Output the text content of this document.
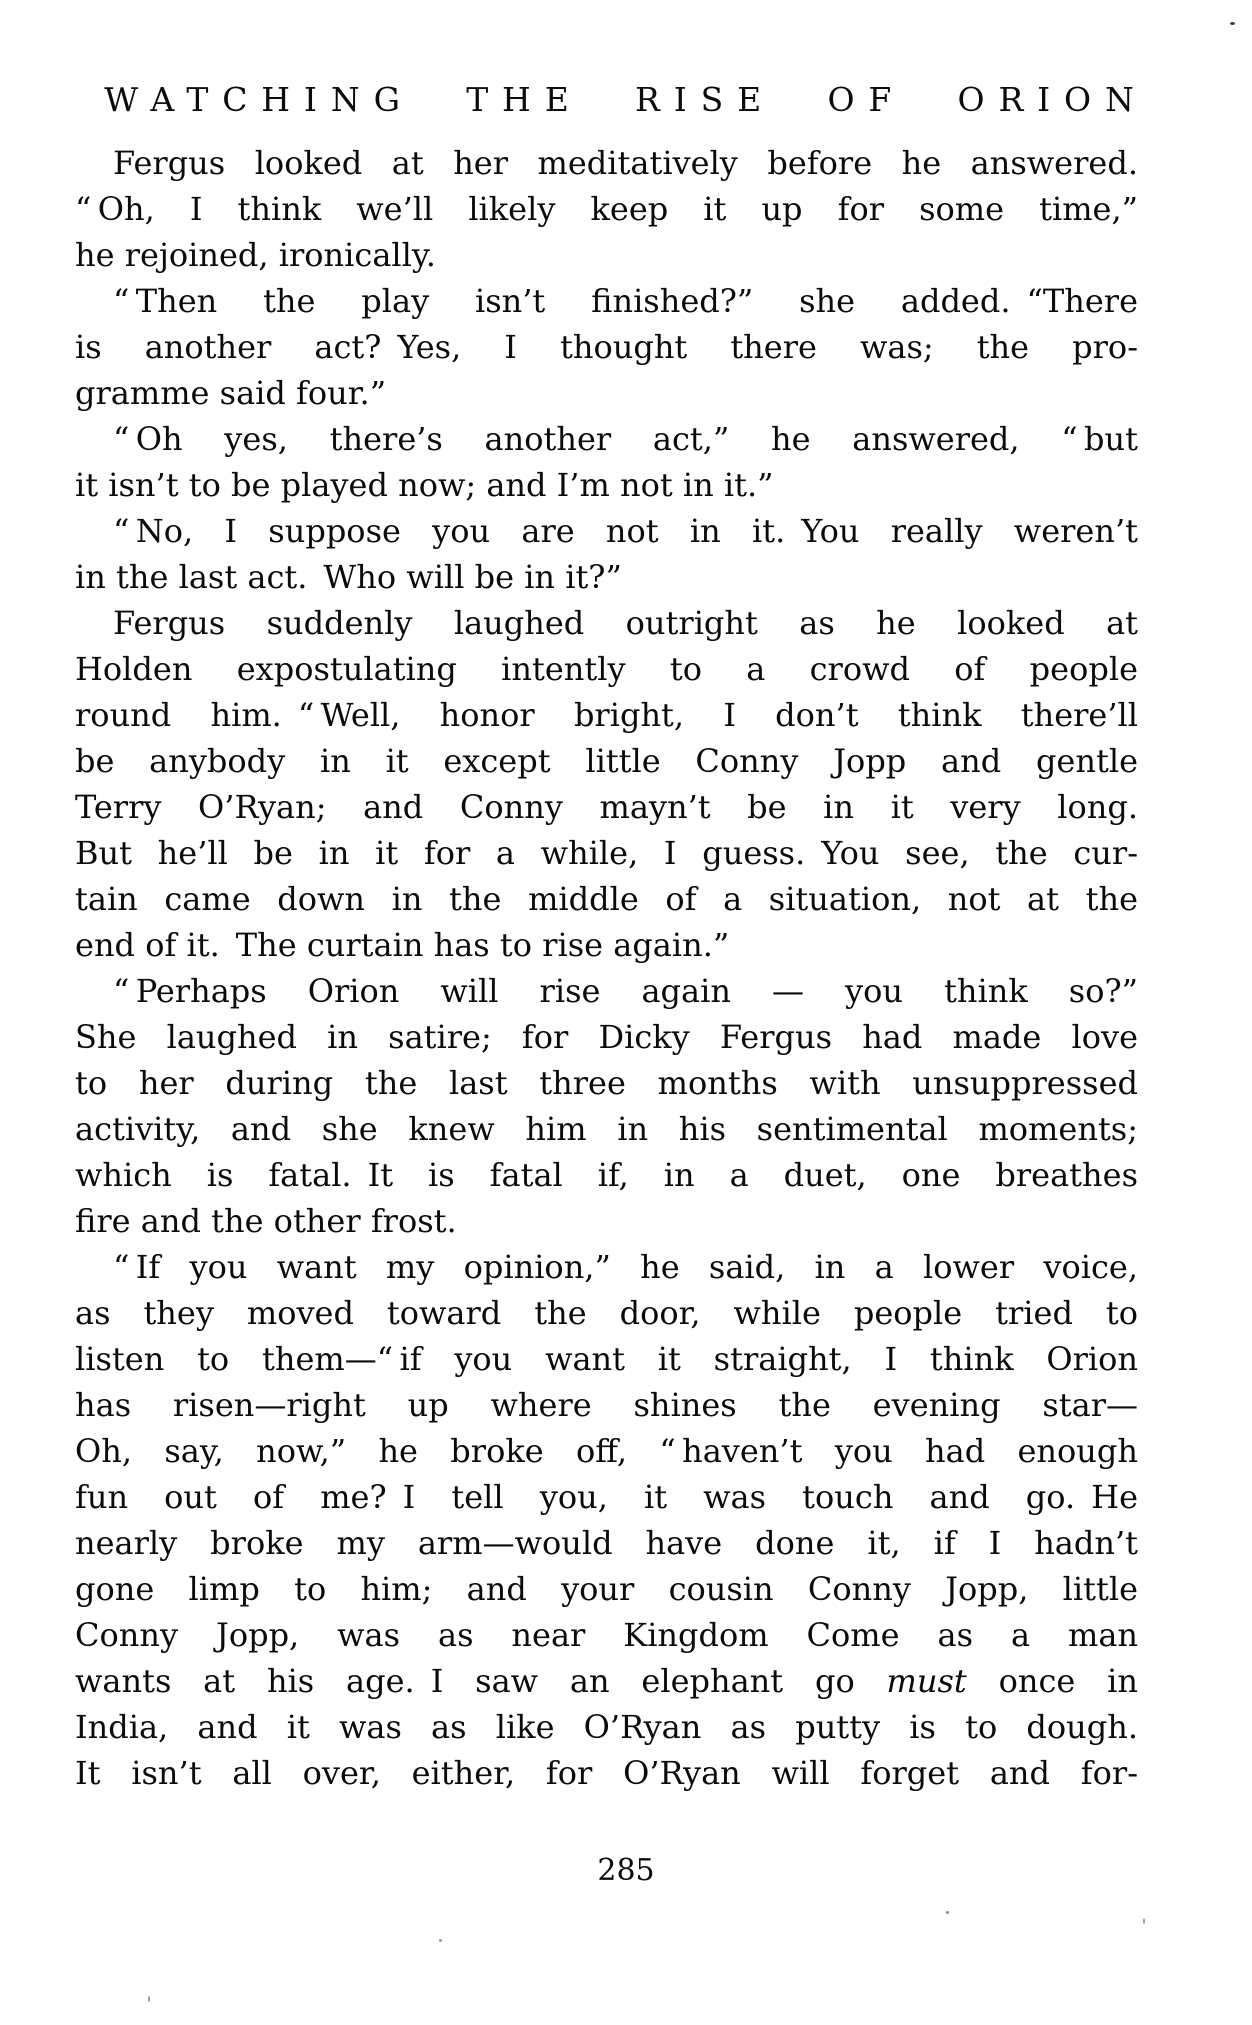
WATCHING THE RISE OF ORION
Fergus looked at her meditatively before he answered.
“ Oh, I think we’ll likely keep it up for some time,”
he rejoined, ironically.
“ Then the play isn’t finished?” she added. “There
is another act? Yes, I thought there was; the pro-
gramme said four.”
“ Oh yes, there’s another act,” he answered, “ but
it isn’t to be played now; and I’m not in it.”
“ No, I suppose you are not in it. You really weren’t
in the last act. Who will be in it?”
Fergus suddenly laughed outright as he looked at
Holden expostulating intently to a crowd of people
round him. “ Well, honor bright, I don’t think there’ll
be anybody in it except little Conny Jopp and gentle
Terry O’Ryan; and Conny mayn’t be in it very long.
But he’ll be in it for a while, I guess. You see, the cur-
tain came down in the middle of a situation, not at the
end of it. The curtain has to rise again.”
“ Perhaps Orion will rise again — you think so?”
She laughed in satire; for Dicky Fergus had made love
to her during the last three months with unsuppressed
activity, and she knew him in his sentimental moments;
which is fatal. It is fatal if, in a duet, one breathes
fire and the other frost.
“ If you want my opinion,” he said, in a lower voice,
as they moved toward the door, while people tried to
listen to them—“ if you want it straight, I think Orion
has risen—right up where shines the evening star—
Oh, say, now,” he broke off, “ haven’t you had enough
fun out of me? I tell you, it was touch and go. He
nearly broke my arm—would have done it, if I hadn’t
gone limp to him; and your cousin Conny Jopp, little
Conny Jopp, was as near Kingdom Come as a man
wants at his age. I saw an elephant go must once in
India, and it was as like O’Ryan as putty is to dough.
It isn’t all over, either, for O’Ryan will forget and for-
285
